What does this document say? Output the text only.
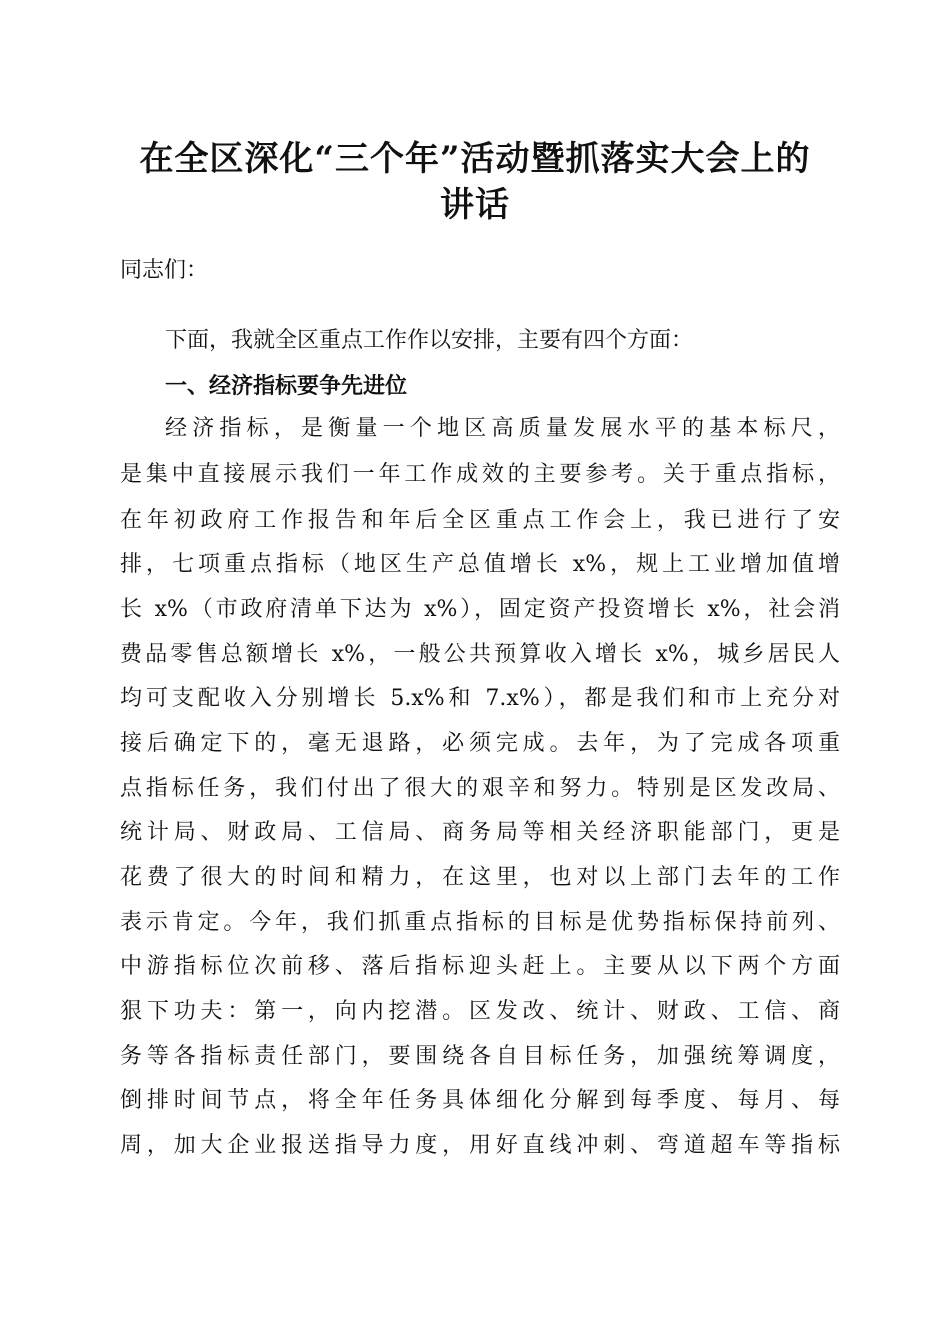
在全区深化“三个年”活动暨抓落实大会上的
讲话
同志们：
下面，我就全区重点工作作以安排，主要有四个方面：
一、经济指标要争先进位
经济指标，是衡量一个地区高质量发展水平的基本标尺，
是集中直接展示我们一年工作成效的主要参考。关于重点指标，
在年初政府工作报告和年后全区重点工作会上，我已进行了安
排，七项重点指标（地区生产总值增长 x%，规上工业增加值增
长 x%（市政府清单下达为 x%），固定资产投资增长 x%，社会消
费品零售总额增长 x%，一般公共预算收入增长 x%，城乡居民人
均可支配收入分别增长 5.x%和 7.x%），都是我们和市上充分对
接后确定下的，毫无退路，必须完成。去年，为了完成各项重
点指标任务，我们付出了很大的艰辛和努力。特别是区发改局、
统计局、财政局、工信局、商务局等相关经济职能部门，更是
花费了很大的时间和精力，在这里，也对以上部门去年的工作
表示肯定。今年，我们抓重点指标的目标是优势指标保持前列、
中游指标位次前移、落后指标迎头赶上。主要从以下两个方面
狠下功夫：第一，向内挖潜。区发改、统计、财政、工信、商
务等各指标责任部门，要围绕各自目标任务，加强统筹调度，
倒排时间节点，将全年任务具体细化分解到每季度、每月、每
周，加大企业报送指导力度，用好直线冲刺、弯道超车等指标
